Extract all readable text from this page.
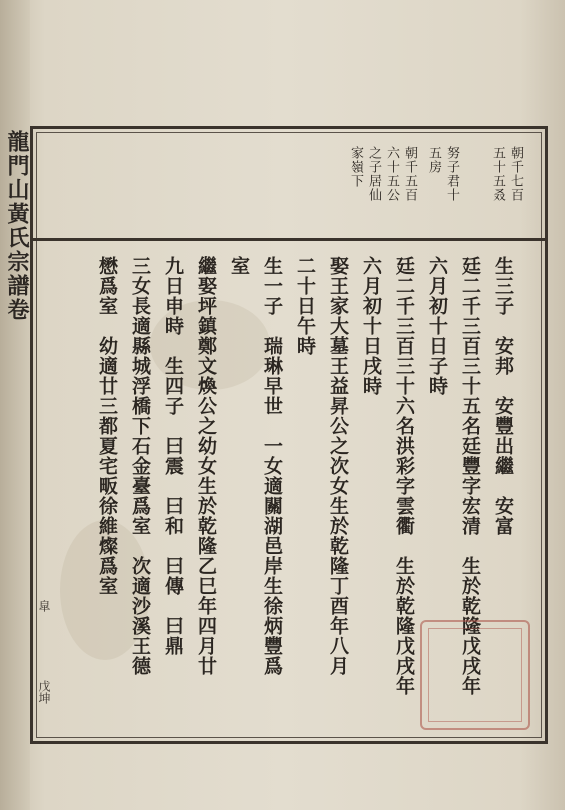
龍門山黃氏宗譜卷	朝千七百
五十五叒
努子君十
五房
朝千五百
六十五公
之子居仙
家嶺下
生三子　安邦　安豐出繼　安富
廷二千三百三十五名廷豐字宏清　生於乾隆戊戌年
六月初十日子時
廷二千三百三十六名洪彩字雲衢　生於乾隆戊戌年
六月初十日戌時
娶王家大墓王益昇公之次女生於乾隆丁酉年八月
二十日午時
生一子　瑞琳早世　一女適關湖邑岸生徐炳豐爲
室
繼娶坪鎮鄭文煥公之幼女生於乾隆乙巳年四月廿
九日申時　生四子　曰震　曰和　曰傳　曰鼎
三女長適縣城浮橋下石金臺爲室　次適沙溪王德
懋爲室　幼適廿三都夏宅畈徐維燦爲室
皐
戊坤
